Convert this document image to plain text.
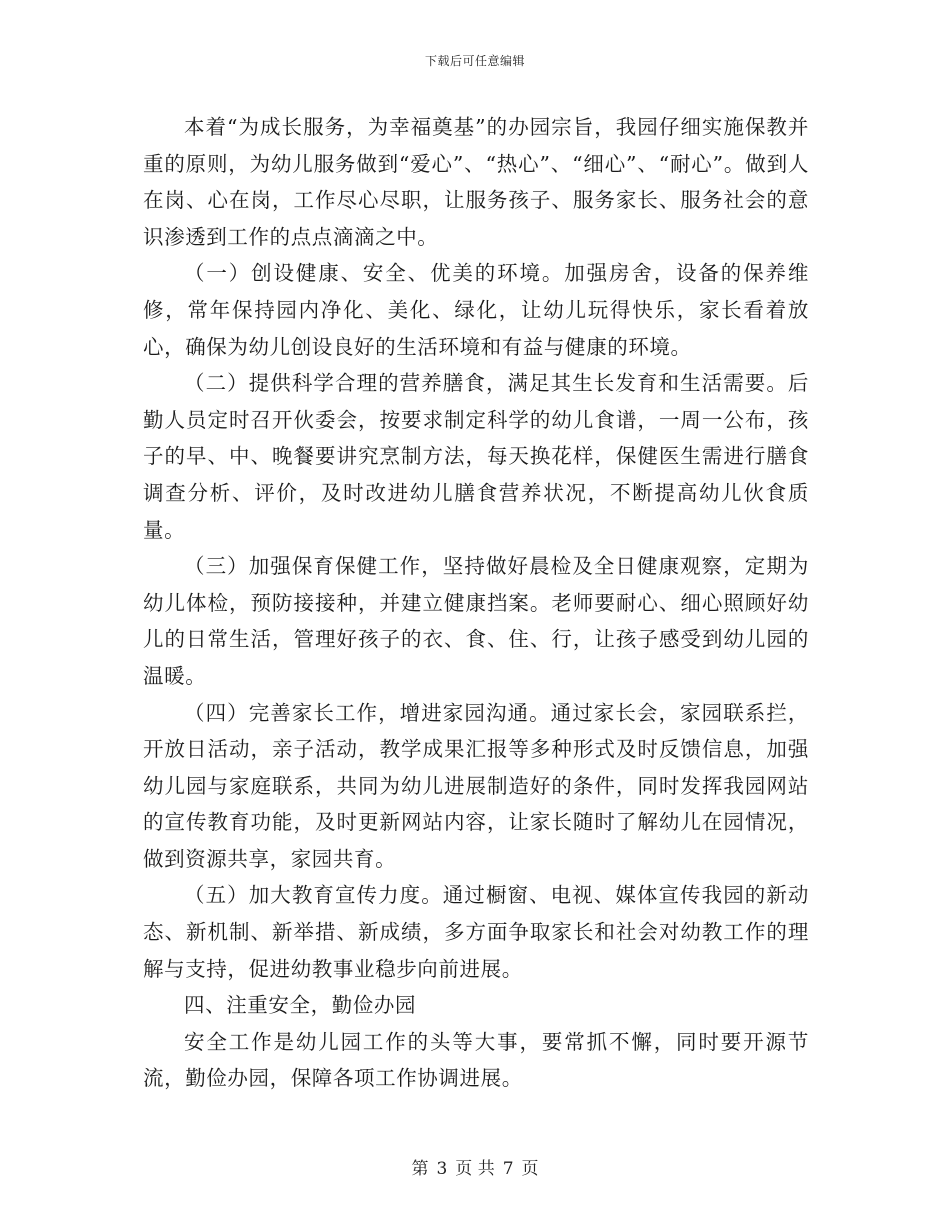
下载后可任意编辑

本着“为成长服务，为幸福奠基”的办园宗旨，我园仔细实施保教并重的原则，为幼儿服务做到“爱心”、“热心”、“细心”、“耐心”。做到人在岗、心在岗，工作尽心尽职，让服务孩子、服务家长、服务社会的意识渗透到工作的点点滴滴之中。

（一）创设健康、安全、优美的环境。加强房舍，设备的保养维修，常年保持园内净化、美化、绿化，让幼儿玩得快乐，家长看着放心，确保为幼儿创设良好的生活环境和有益与健康的环境。

（二）提供科学合理的营养膳食，满足其生长发育和生活需要。后勤人员定时召开伙委会，按要求制定科学的幼儿食谱，一周一公布，孩子的早、中、晚餐要讲究烹制方法，每天换花样，保健医生需进行膳食调查分析、评价，及时改进幼儿膳食营养状况，不断提高幼儿伙食质量。

（三）加强保育保健工作，坚持做好晨检及全日健康观察，定期为幼儿体检，预防接接种，并建立健康挡案。老师要耐心、细心照顾好幼儿的日常生活，管理好孩子的衣、食、住、行，让孩子感受到幼儿园的温暖。

（四）完善家长工作，增进家园沟通。通过家长会，家园联系拦，开放日活动，亲子活动，教学成果汇报等多种形式及时反馈信息，加强幼儿园与家庭联系，共同为幼儿进展制造好的条件，同时发挥我园网站的宣传教育功能，及时更新网站内容，让家长随时了解幼儿在园情况，做到资源共享，家园共育。

（五）加大教育宣传力度。通过橱窗、电视、媒体宣传我园的新动态、新机制、新举措、新成绩，多方面争取家长和社会对幼教工作的理解与支持，促进幼教事业稳步向前进展。

四、注重安全，勤俭办园

安全工作是幼儿园工作的头等大事，要常抓不懈，同时要开源节流，勤俭办园，保障各项工作协调进展。

第 3 页 共 7 页
